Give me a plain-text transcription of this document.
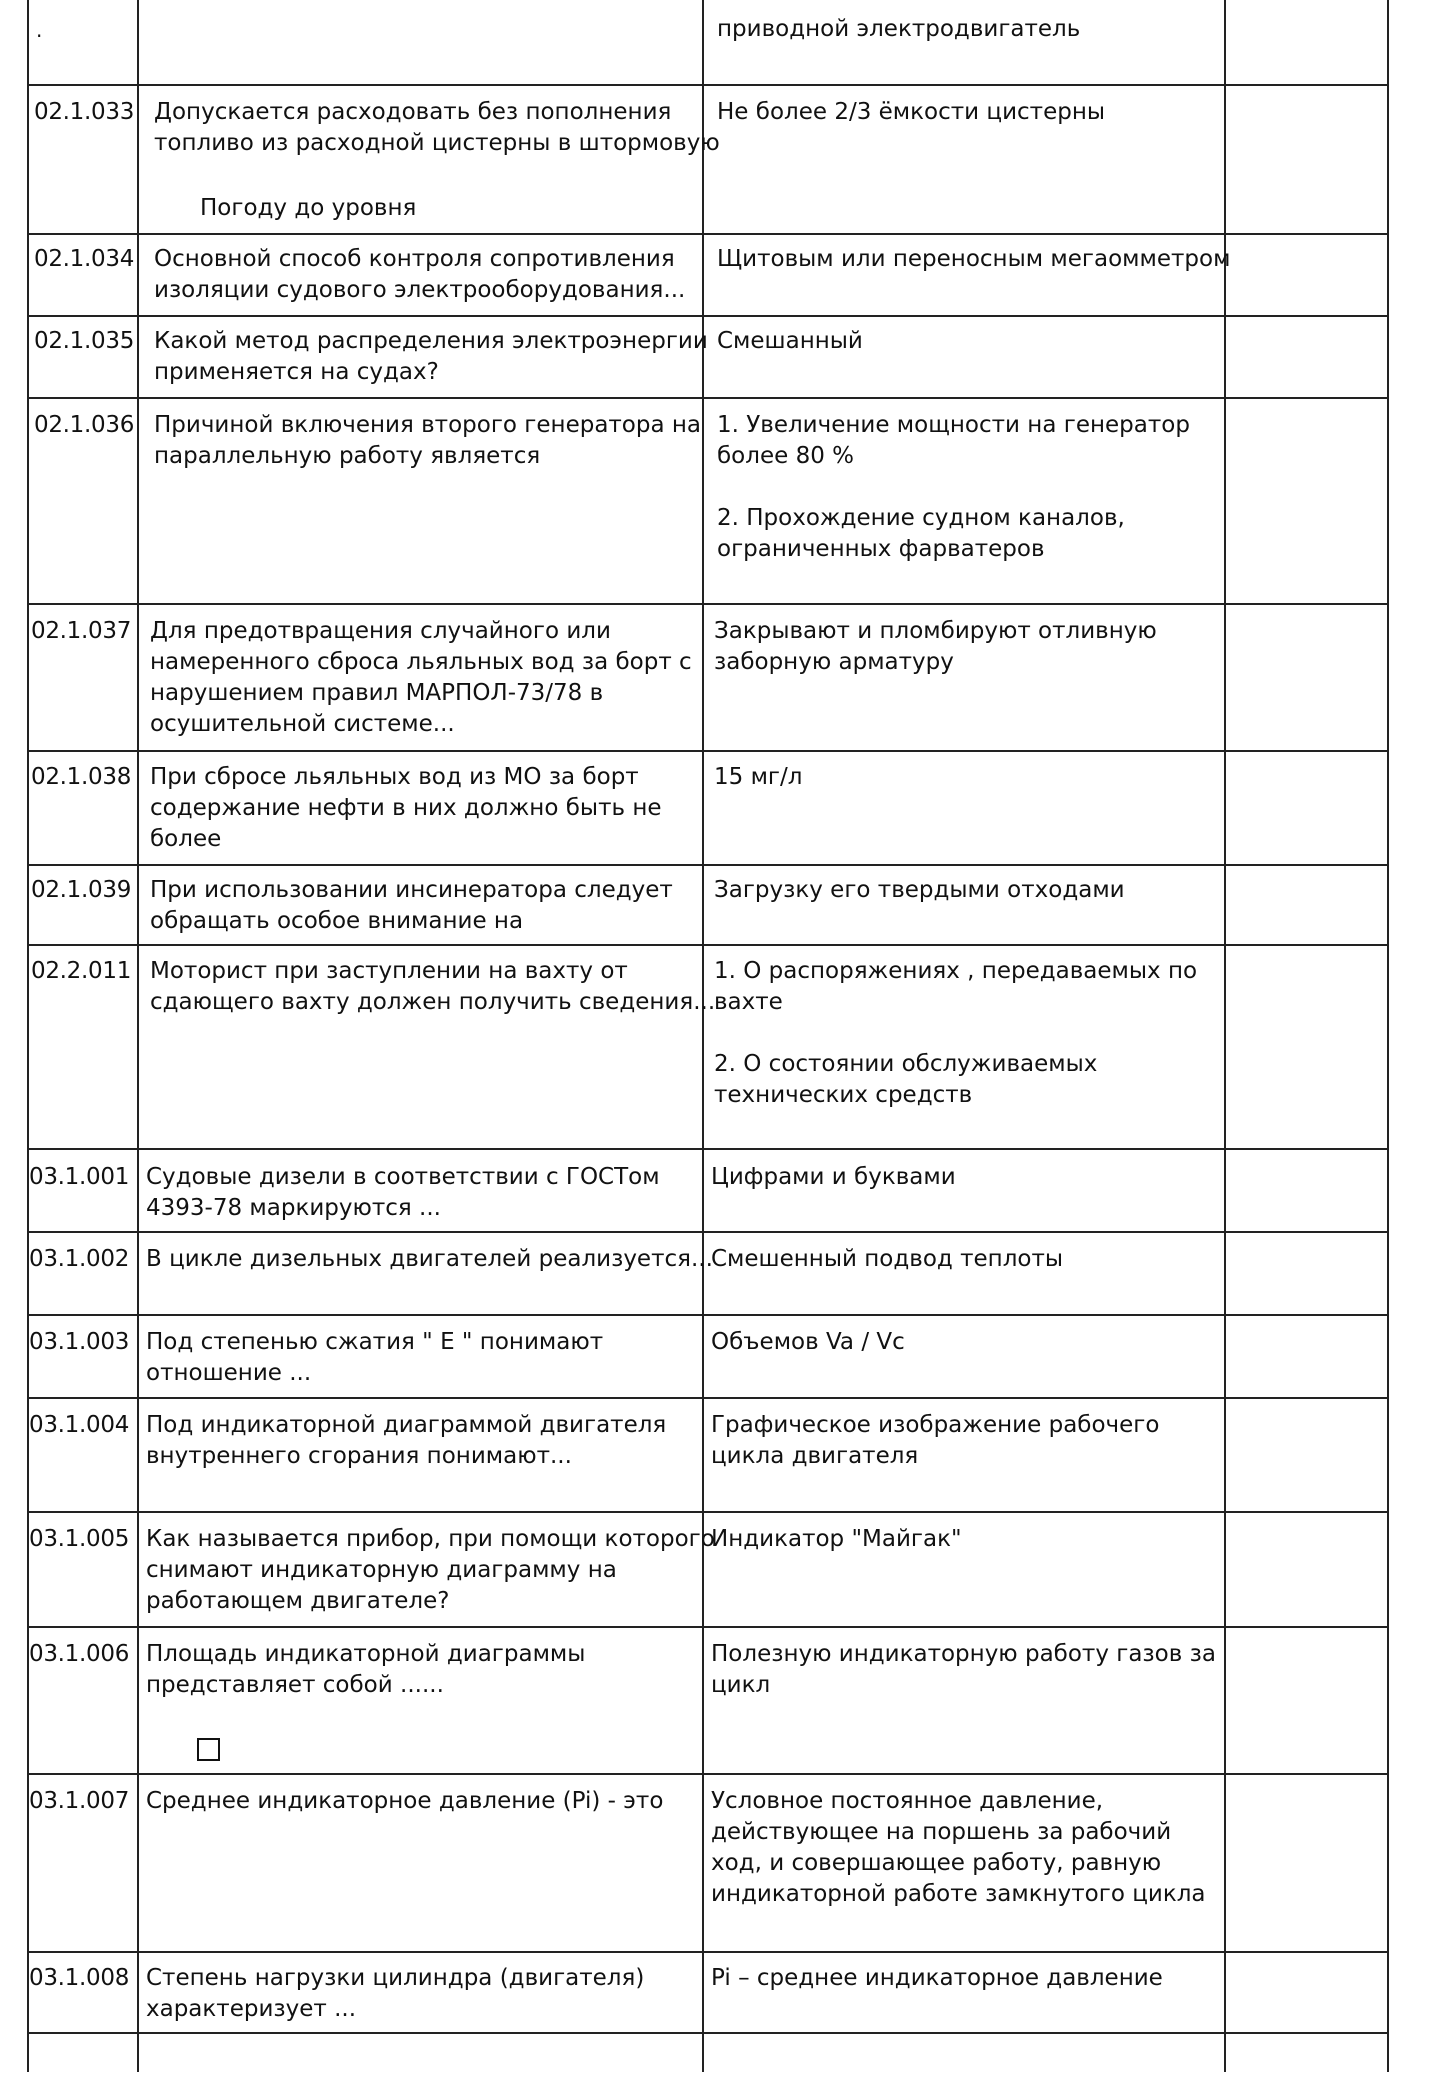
·	приводной электродвигатель

02.1.033 Допускается расходовать без пополнения
топливо из расходной цистерны в штормовую

Погоду до уровня

Не более 2/3 ёмкости цистерны

02.1.034 Основной способ контроля сопротивления
изоляции судового электрооборудования...

Щитовым или переносным мегаомметром

02.1.035 Какой метод распределения электроэнергии
применяется на судах?

Смешанный

02.1.036 Причиной включения второго генератора на
параллельную работу является

1. Увеличение мощности на генератор
более 80 %

2. Прохождение судном каналов,
ограниченных фарватеров

02.1.037 Для предотвращения случайного или
намеренного сброса льяльных вод за борт с
нарушением правил МАРПОЛ-73/78 в
осушительной системе...

Закрывают и пломбируют отливную
заборную арматуру

02.1.038 При сбросе льяльных вод из МО за борт
содержание нефти в них должно быть не
более

15 мг/л

02.1.039 При использовании инсинератора следует
обращать особое внимание на

Загрузку его твердыми отходами

02.2.011 Моторист при заступлении на вахту от
сдающего вахту должен получить сведения...

1. О распоряжениях , передаваемых по
вахте

2. О состоянии обслуживаемых
технических средств

03.1.001 Судовые дизели в соответствии с ГОСТом
4393-78 маркируются ...

Цифрами и буквами

03.1.002 В цикле дизельных двигателей реализуется...

Смешенный подвод теплоты

03.1.003 Под степенью сжатия " Е " понимают
отношение ...

Объемов Va / Vc

03.1.004 Под индикаторной диаграммой двигателя
внутреннего сгорания понимают...

Графическое изображение рабочего
цикла двигателя

03.1.005 Как называется прибор, при помощи которого
снимают индикаторную диаграмму на
работающем двигателе?

Индикатор "Майгак"

03.1.006 Площадь индикаторной диаграммы
представляет собой ......

Полезную индикаторную работу газов за
цикл

03.1.007 Среднее индикаторное давление (Pi) - это Условное постоянное давление,
действующее на поршень за рабочий
ход, и совершающее работу, равную
индикаторной работе замкнутого цикла

03.1.008 Степень нагрузки цилиндра (двигателя)
характеризует ...

Pi – среднее индикаторное давление
